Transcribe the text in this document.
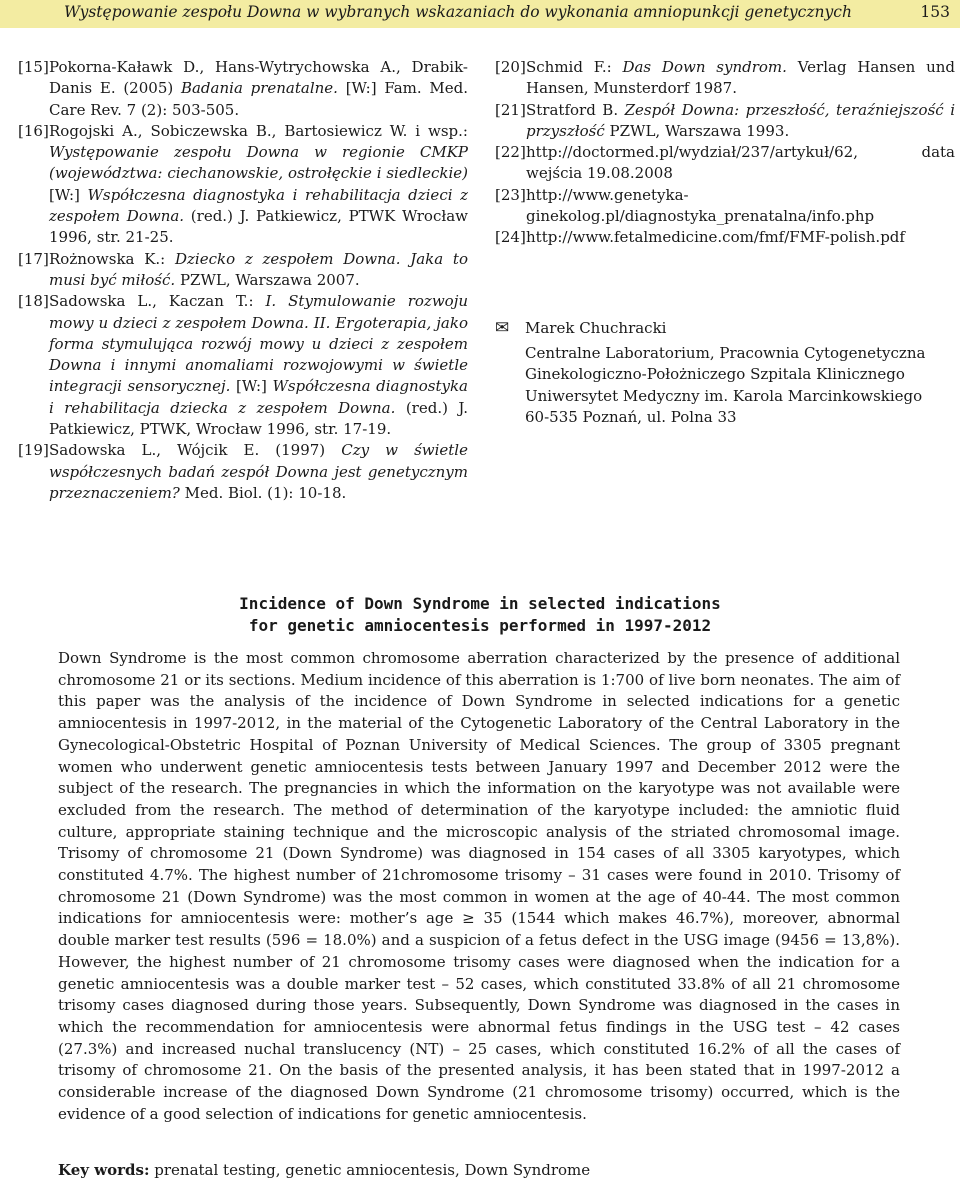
Występowanie zespołu Downa w wybranych wskazaniach do wykonania amniopunkcji genetycznych	153
[15] Pokorna-Kaławk D., Hans-Wytrychowska A., Drabik-Danis E. (2005) Badania prenatalne. [W:] Fam. Med. Care Rev. 7 (2): 503-505.
[16] Rogojski A., Sobiczewska B., Bartosiewicz W. i wsp.: Występowanie zespołu Downa w regionie CMKP (województwa: ciechanowskie, ostrołęckie i siedleckie) [W:] Współczesna diagnostyka i rehabilitacja dzieci z zespołem Downa. (red.) J. Patkiewicz, PTWK Wrocław 1996, str. 21-25.
[17] Rożnowska K.: Dziecko z zespołem Downa. Jaka to musi być miłość. PZWL, Warszawa 2007.
[18] Sadowska L., Kaczan T.: I. Stymulowanie rozwoju mowy u dzieci z zespołem Downa. II. Ergoterapia, jako forma stymulująca rozwój mowy u dzieci z zespołem Downa i innymi anomaliami rozwojowymi w świetle integracji sensorycznej. [W:] Współczesna diagnostyka i rehabilitacja dziecka z zespołem Downa. (red.) J. Patkiewicz, PTWK, Wrocław 1996, str. 17-19.
[19] Sadowska L., Wójcik E. (1997) Czy w świetle współczesnych badań zespół Downa jest genetycznym przeznaczeniem? Med. Biol. (1): 10-18.
[20] Schmid F.: Das Down syndrom. Verlag Hansen und Hansen, Munsterdorf 1987.
[21] Stratford B. Zespół Downa: przeszłość, teraźniejszość i przyszłość PZWL, Warszawa 1993.
[22] http://doctormed.pl/wydział/237/artykuł/62, data wejścia 19.08.2008
[23] http://www.genetyka-ginekolog.pl/diagnostyka_prenatalna/info.php
[24] http://www.fetalmedicine.com/fmf/FMF-polish.pdf
✉ Marek Chuchracki
Centralne Laboratorium, Pracownia Cytogenetyczna
Ginekologiczno-Położniczego Szpitala Klinicznego
Uniwersytet Medyczny im. Karola Marcinkowskiego
60-535 Poznań, ul. Polna 33
Incidence of Down Syndrome in selected indications
for genetic amniocentesis performed in 1997-2012
Down Syndrome is the most common chromosome aberration characterized by the presence of additional chromosome 21 or its sections. Medium incidence of this aberration is 1:700 of live born neonates. The aim of this paper was the analysis of the incidence of Down Syndrome in selected indications for a genetic amniocentesis in 1997-2012, in the material of the Cytogenetic Laboratory of the Central Laboratory in the Gynecological-Obstetric Hospital of Poznan University of Medical Sciences. The group of 3305 pregnant women who underwent genetic amniocentesis tests between January 1997 and December 2012 were the subject of the research. The pregnancies in which the information on the karyotype was not available were excluded from the research. The method of determination of the karyotype included: the amniotic fluid culture, appropriate staining technique and the microscopic analysis of the striated chromosomal image. Trisomy of chromosome 21 (Down Syndrome) was diagnosed in 154 cases of all 3305 karyotypes, which constituted 4.7%. The highest number of 21chromosome trisomy – 31 cases were found in 2010. Trisomy of chromosome 21 (Down Syndrome) was the most common in women at the age of 40-44. The most common indications for amniocentesis were: mother’s age ≥ 35 (1544 which makes 46.7%), moreover, abnormal double marker test results (596 = 18.0%) and a suspicion of a fetus defect in the USG image (9456 = 13,8%). However, the highest number of 21 chromosome trisomy cases were diagnosed when the indication for a genetic amniocentesis was a double marker test – 52 cases, which constituted 33.8% of all 21 chromosome trisomy cases diagnosed during those years. Subsequently, Down Syndrome was diagnosed in the cases in which the recommendation for amniocentesis were abnormal fetus findings in the USG test – 42 cases (27.3%) and increased nuchal translucency (NT) – 25 cases, which constituted 16.2% of all the cases of trisomy of chromosome 21. On the basis of the presented analysis, it has been stated that in 1997-2012 a considerable increase of the diagnosed Down Syndrome (21 chromosome trisomy) occurred, which is the evidence of a good selection of indications for genetic amniocentesis.
Key words: prenatal testing, genetic amniocentesis, Down Syndrome
